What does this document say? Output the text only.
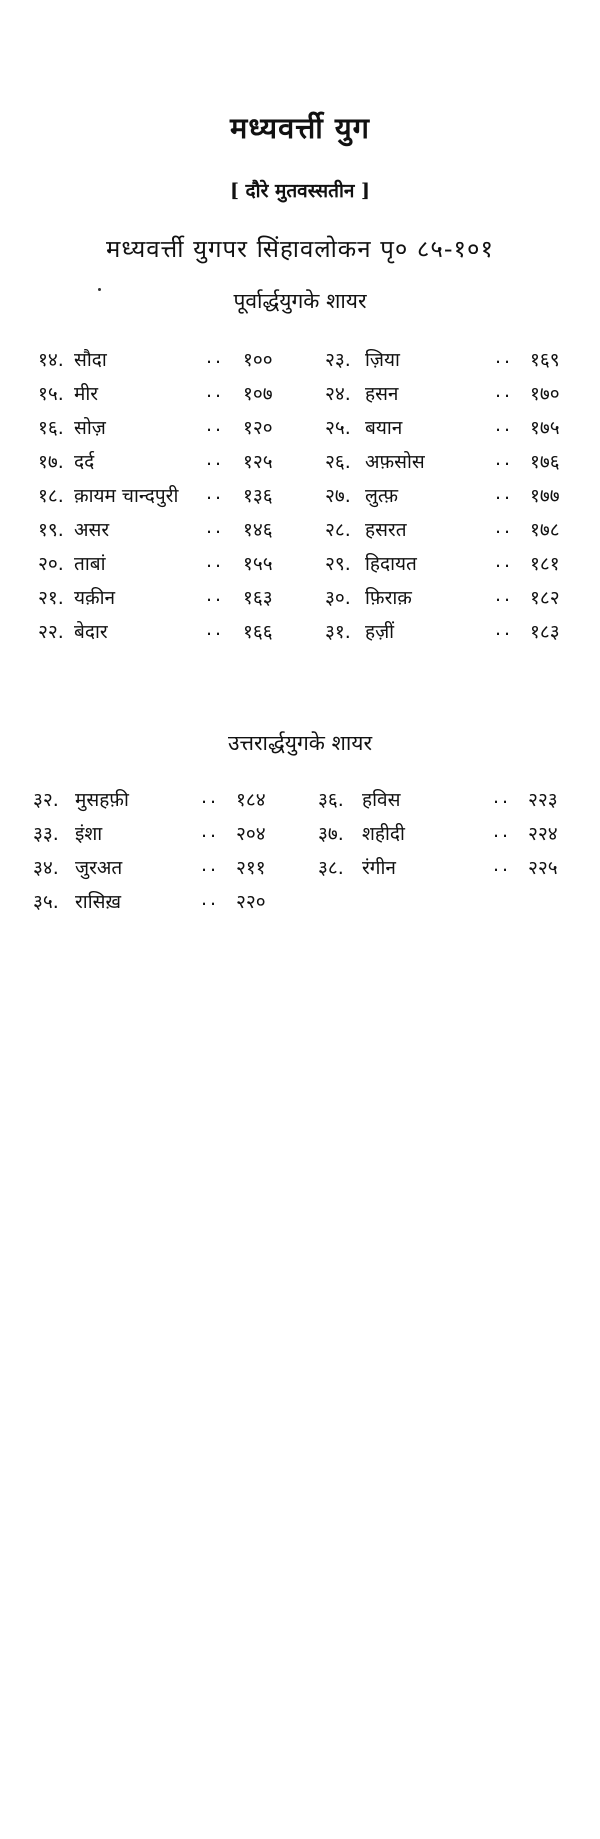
मध्यवर्त्ती युग
[ दौरे मुतवस्सतीन ]
मध्यवर्त्ती युगपर सिंहावलोकन पृ० ८५-१०१
पूर्वार्द्धयुगके शायर
१४. सौदा	.. १००
१५. मीर	.. १०७
१६. सोज़	.. १२०
१७. दर्द	.. १२५
१८. क़ायम चान्दपुरी .. १३६
१९. असर	.. १४६
२०. ताबां	.. १५५
२१. यक़ीन	.. १६३
२२. बेदार	.. १६६
२३. ज़िया	.. १६९
२४. हसन	.. १७०
२५. बयान	.. १७५
२६. अफ़सोस	.. १७६
२७. लुत्फ़	.. १७७
२८. हसरत	.. १७८
२९. हिदायत	.. १८१
३०. फ़िराक़	.. १८२
३१. हज़ीं	.. १८३
उत्तरार्द्धयुगके शायर
३२. मुसहफ़ी	.. १८४
३३. इंशा	.. २०४
३४. जुरअत	.. २११
३५. रासिख़	.. २२०
३६. हविस	.. २२३
३७. शहीदी	.. २२४
३८. रंगीन	.. २२५
